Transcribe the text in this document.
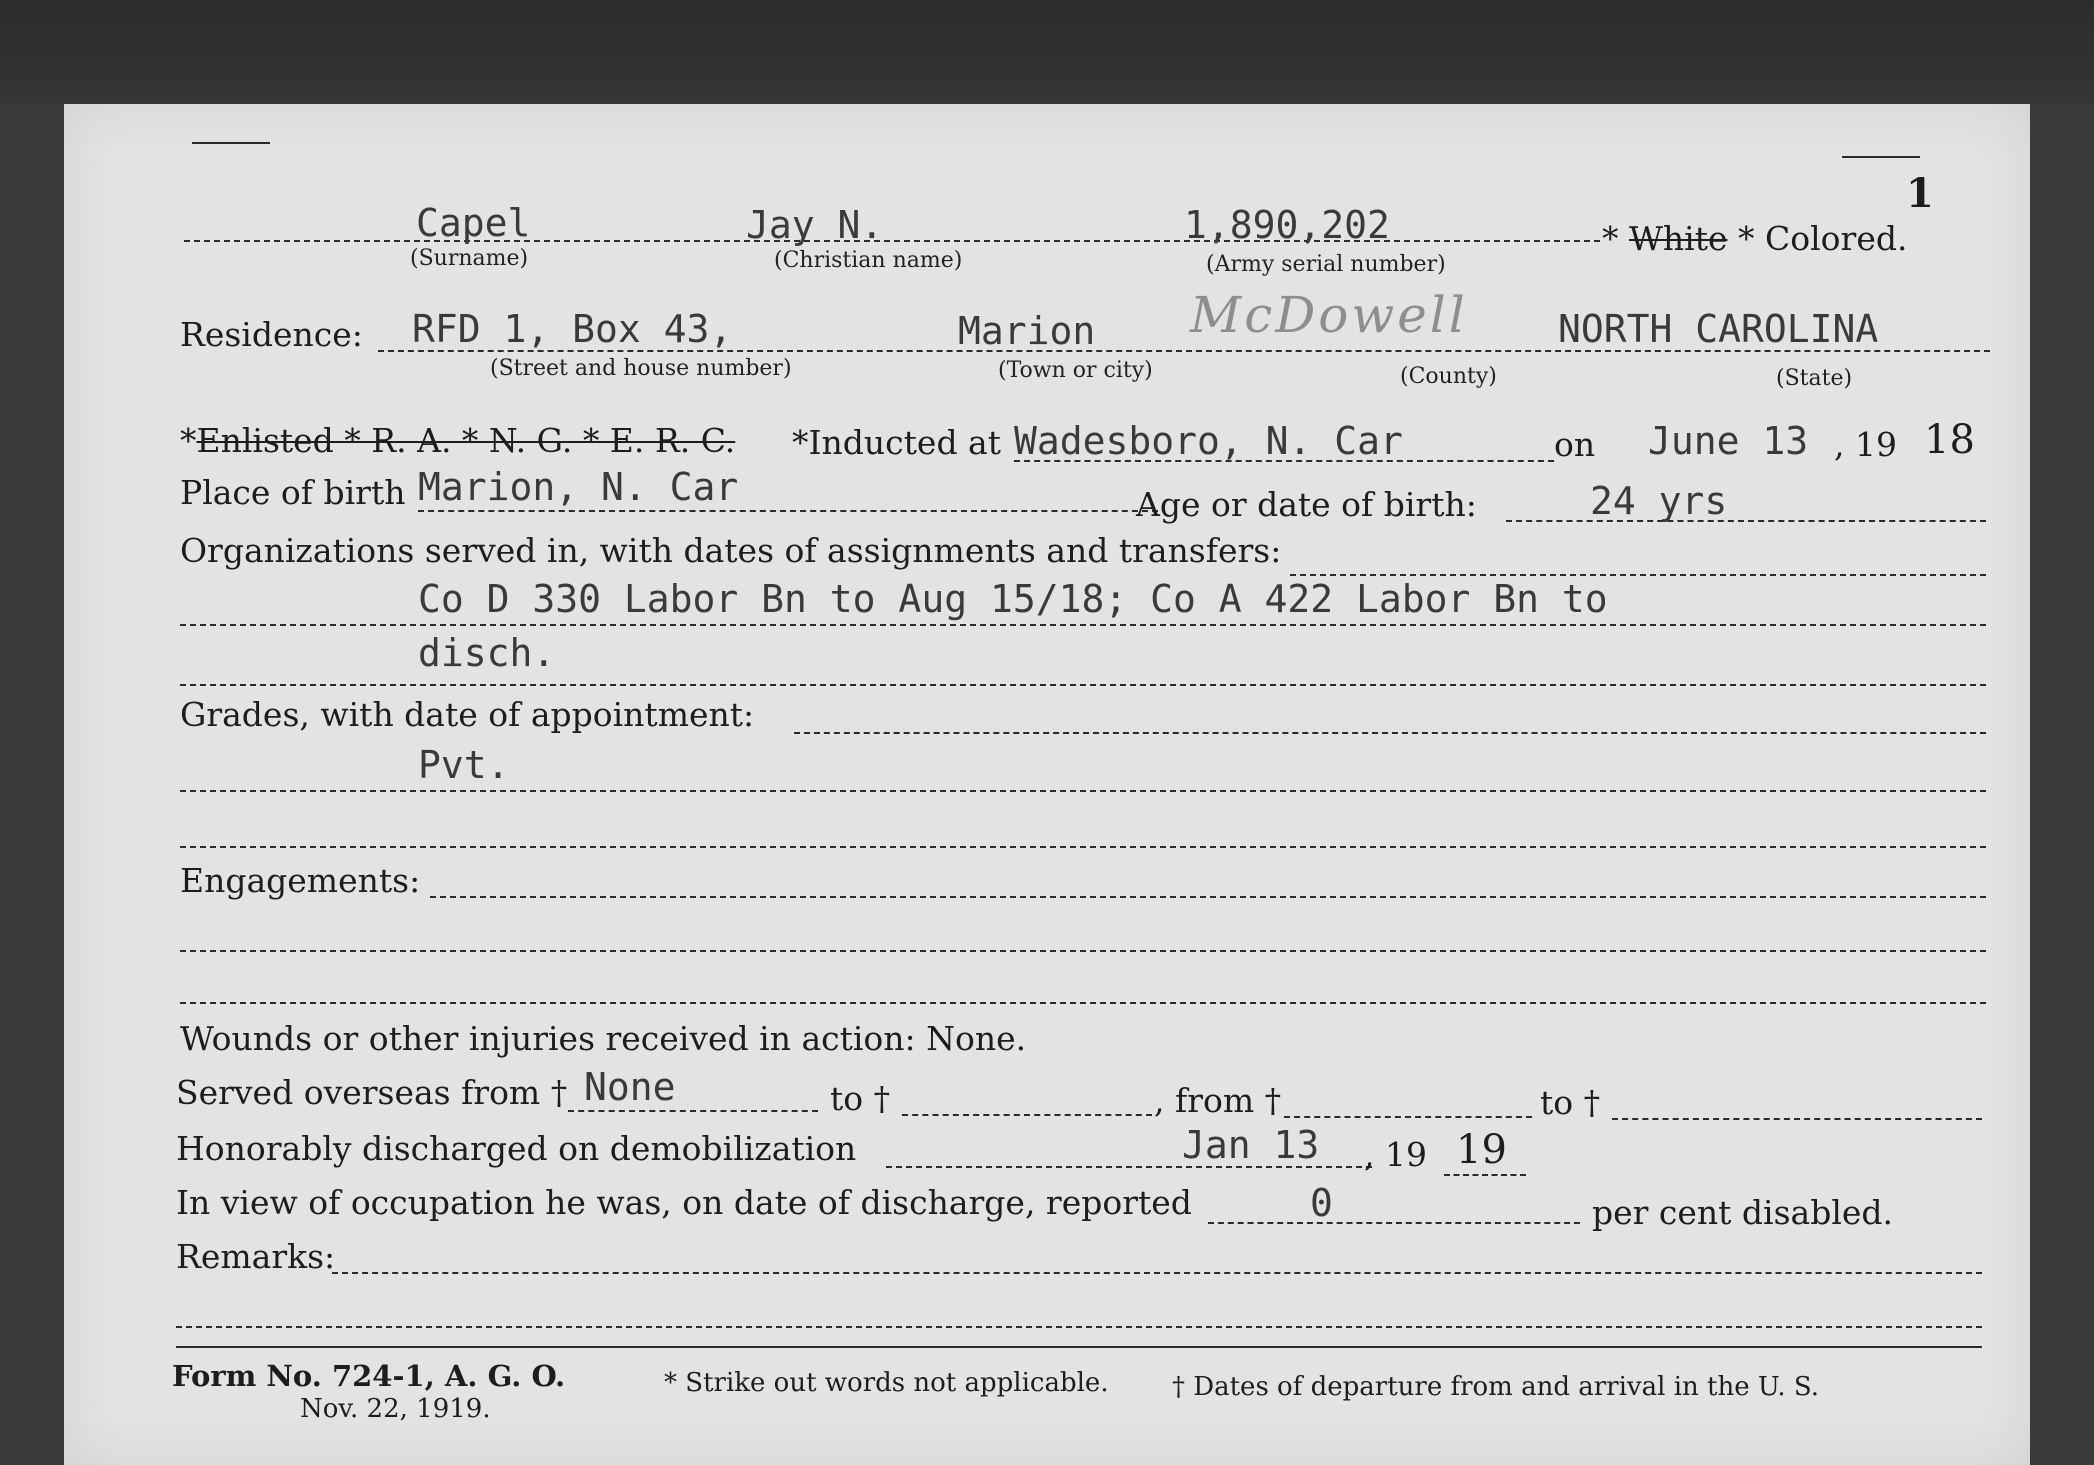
1
Capel
(Surname)
Jay N.
(Christian name)
1,890,202
(Army serial number)
* White * Colored.
Residence: RFD 1, Box 43,
(Street and house number)
Marion
(Town or city)
McDowell
(County)
NORTH CAROLINA
(State)
*Enlisted * R. A. * N. G. * E. R. C. *Inducted at Wadesboro, N. Car	on June 13 , 19 18
Place of birth Marion, N. Car	Age or date of birth:	24 yrs
Organizations served in, with dates of assignments and transfers:
Co D 330 Labor Bn to Aug 15/18; Co A 422 Labor Bn to
disch.
Grades, with date of appointment:
Pvt.
Engagements:
Wounds or other injuries received in action: None.
Served overseas from † None	to †	, from †	to †
Honorably discharged on demobilization	Jan 13 , 19 19
In view of occupation he was, on date of discharge, reported	0	per cent disabled.
Remarks:
Form No. 724-1, A. G. O.
Nov. 22, 1919.
* Strike out words not applicable. † Dates of departure from and arrival in the U. S.
